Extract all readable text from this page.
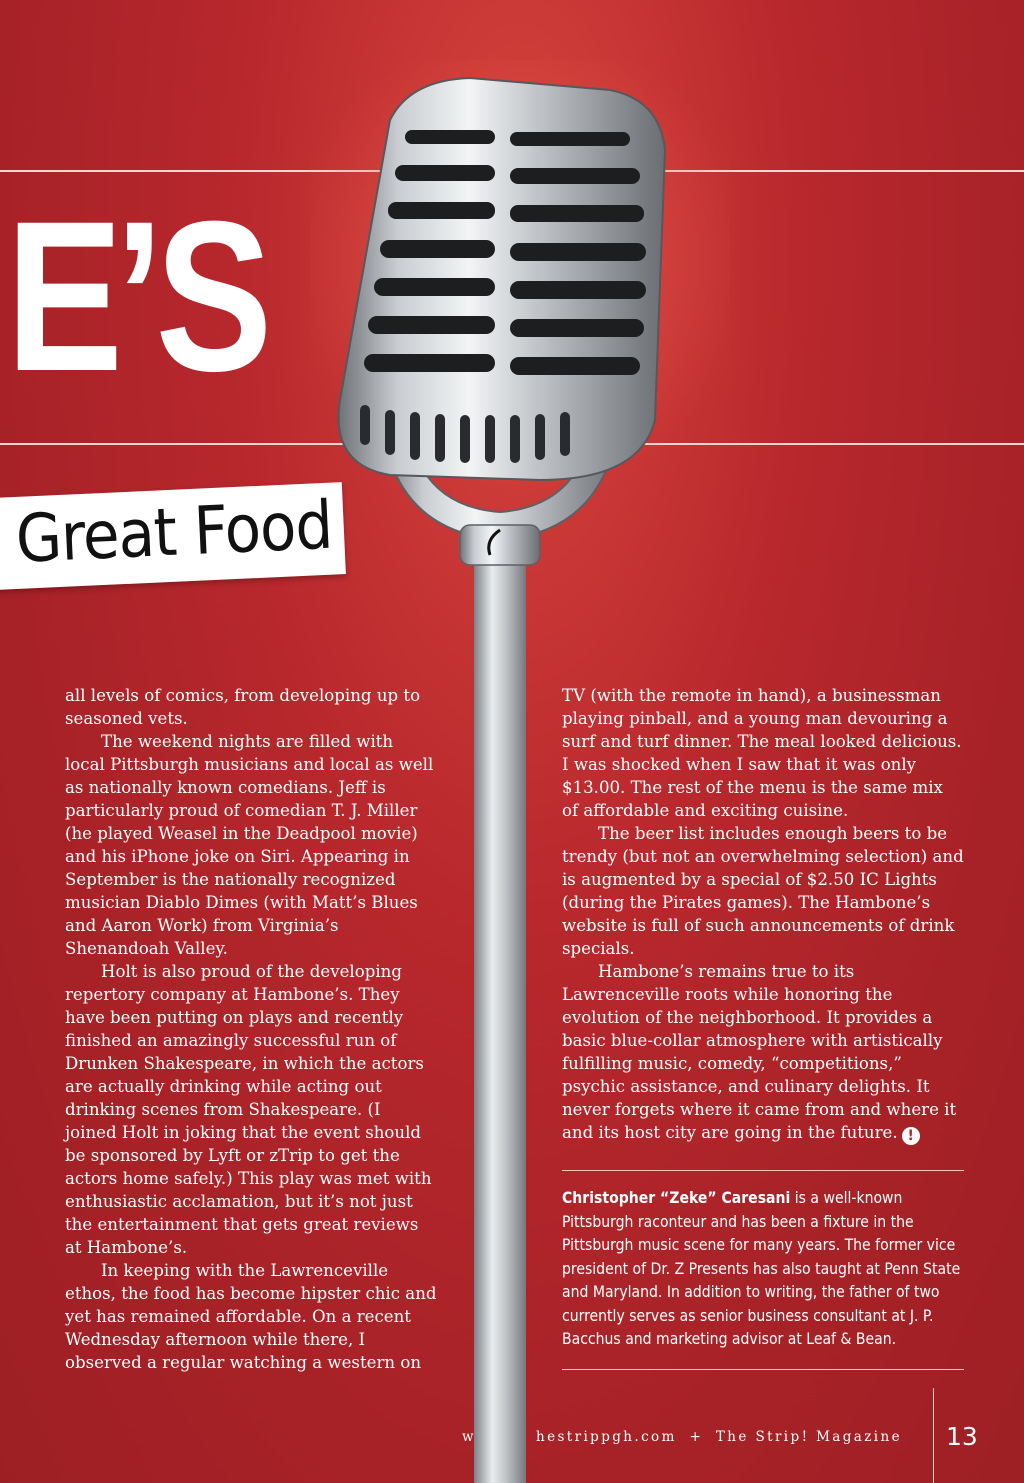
E’S
Great Food

all levels of comics, from developing up to seasoned vets.

The weekend nights are filled with local Pittsburgh musicians and local as well as nationally known comedians. Jeff is particularly proud of comedian T. J. Miller (he played Weasel in the Deadpool movie) and his iPhone joke on Siri. Appearing in September is the nationally recognized musician Diablo Dimes (with Matt’s Blues and Aaron Work) from Virginia’s Shenandoah Valley.

Holt is also proud of the developing repertory company at Hambone’s. They have been putting on plays and recently finished an amazingly successful run of Drunken Shakespeare, in which the actors are actually drinking while acting out drinking scenes from Shakespeare. (I joined Holt in joking that the event should be sponsored by Lyft or zTrip to get the actors home safely.) This play was met with enthusiastic acclamation, but it’s not just the entertainment that gets great reviews at Hambone’s.

In keeping with the Lawrenceville ethos, the food has become hipster chic and yet has remained affordable. On a recent Wednesday afternoon while there, I observed a regular watching a western on

TV (with the remote in hand), a businessman playing pinball, and a young man devouring a surf and turf dinner. The meal looked delicious. I was shocked when I saw that it was only $13.00. The rest of the menu is the same mix of affordable and exciting cuisine.

The beer list includes enough beers to be trendy (but not an overwhelming selection) and is augmented by a special of $2.50 IC Lights (during the Pirates games). The Hambone’s website is full of such announcements of drink specials.

Hambone’s remains true to its Lawrenceville roots while honoring the evolution of the neighborhood. It provides a basic blue-collar atmosphere with artistically fulfilling music, comedy, “competitions,” psychic assistance, and culinary delights. It never forgets where it came from and where it and its host city are going in the future. !

Christopher “Zeke” Caresani is a well-known Pittsburgh raconteur and has been a fixture in the Pittsburgh music scene for many years. The former vice president of Dr. Z Presents has also taught at Penn State and Maryland. In addition to writing, the father of two currently serves as senior business consultant at J. P. Bacchus and marketing advisor at Leaf & Bean.
w	hestrippgh.com + The Strip! Magazine	13
